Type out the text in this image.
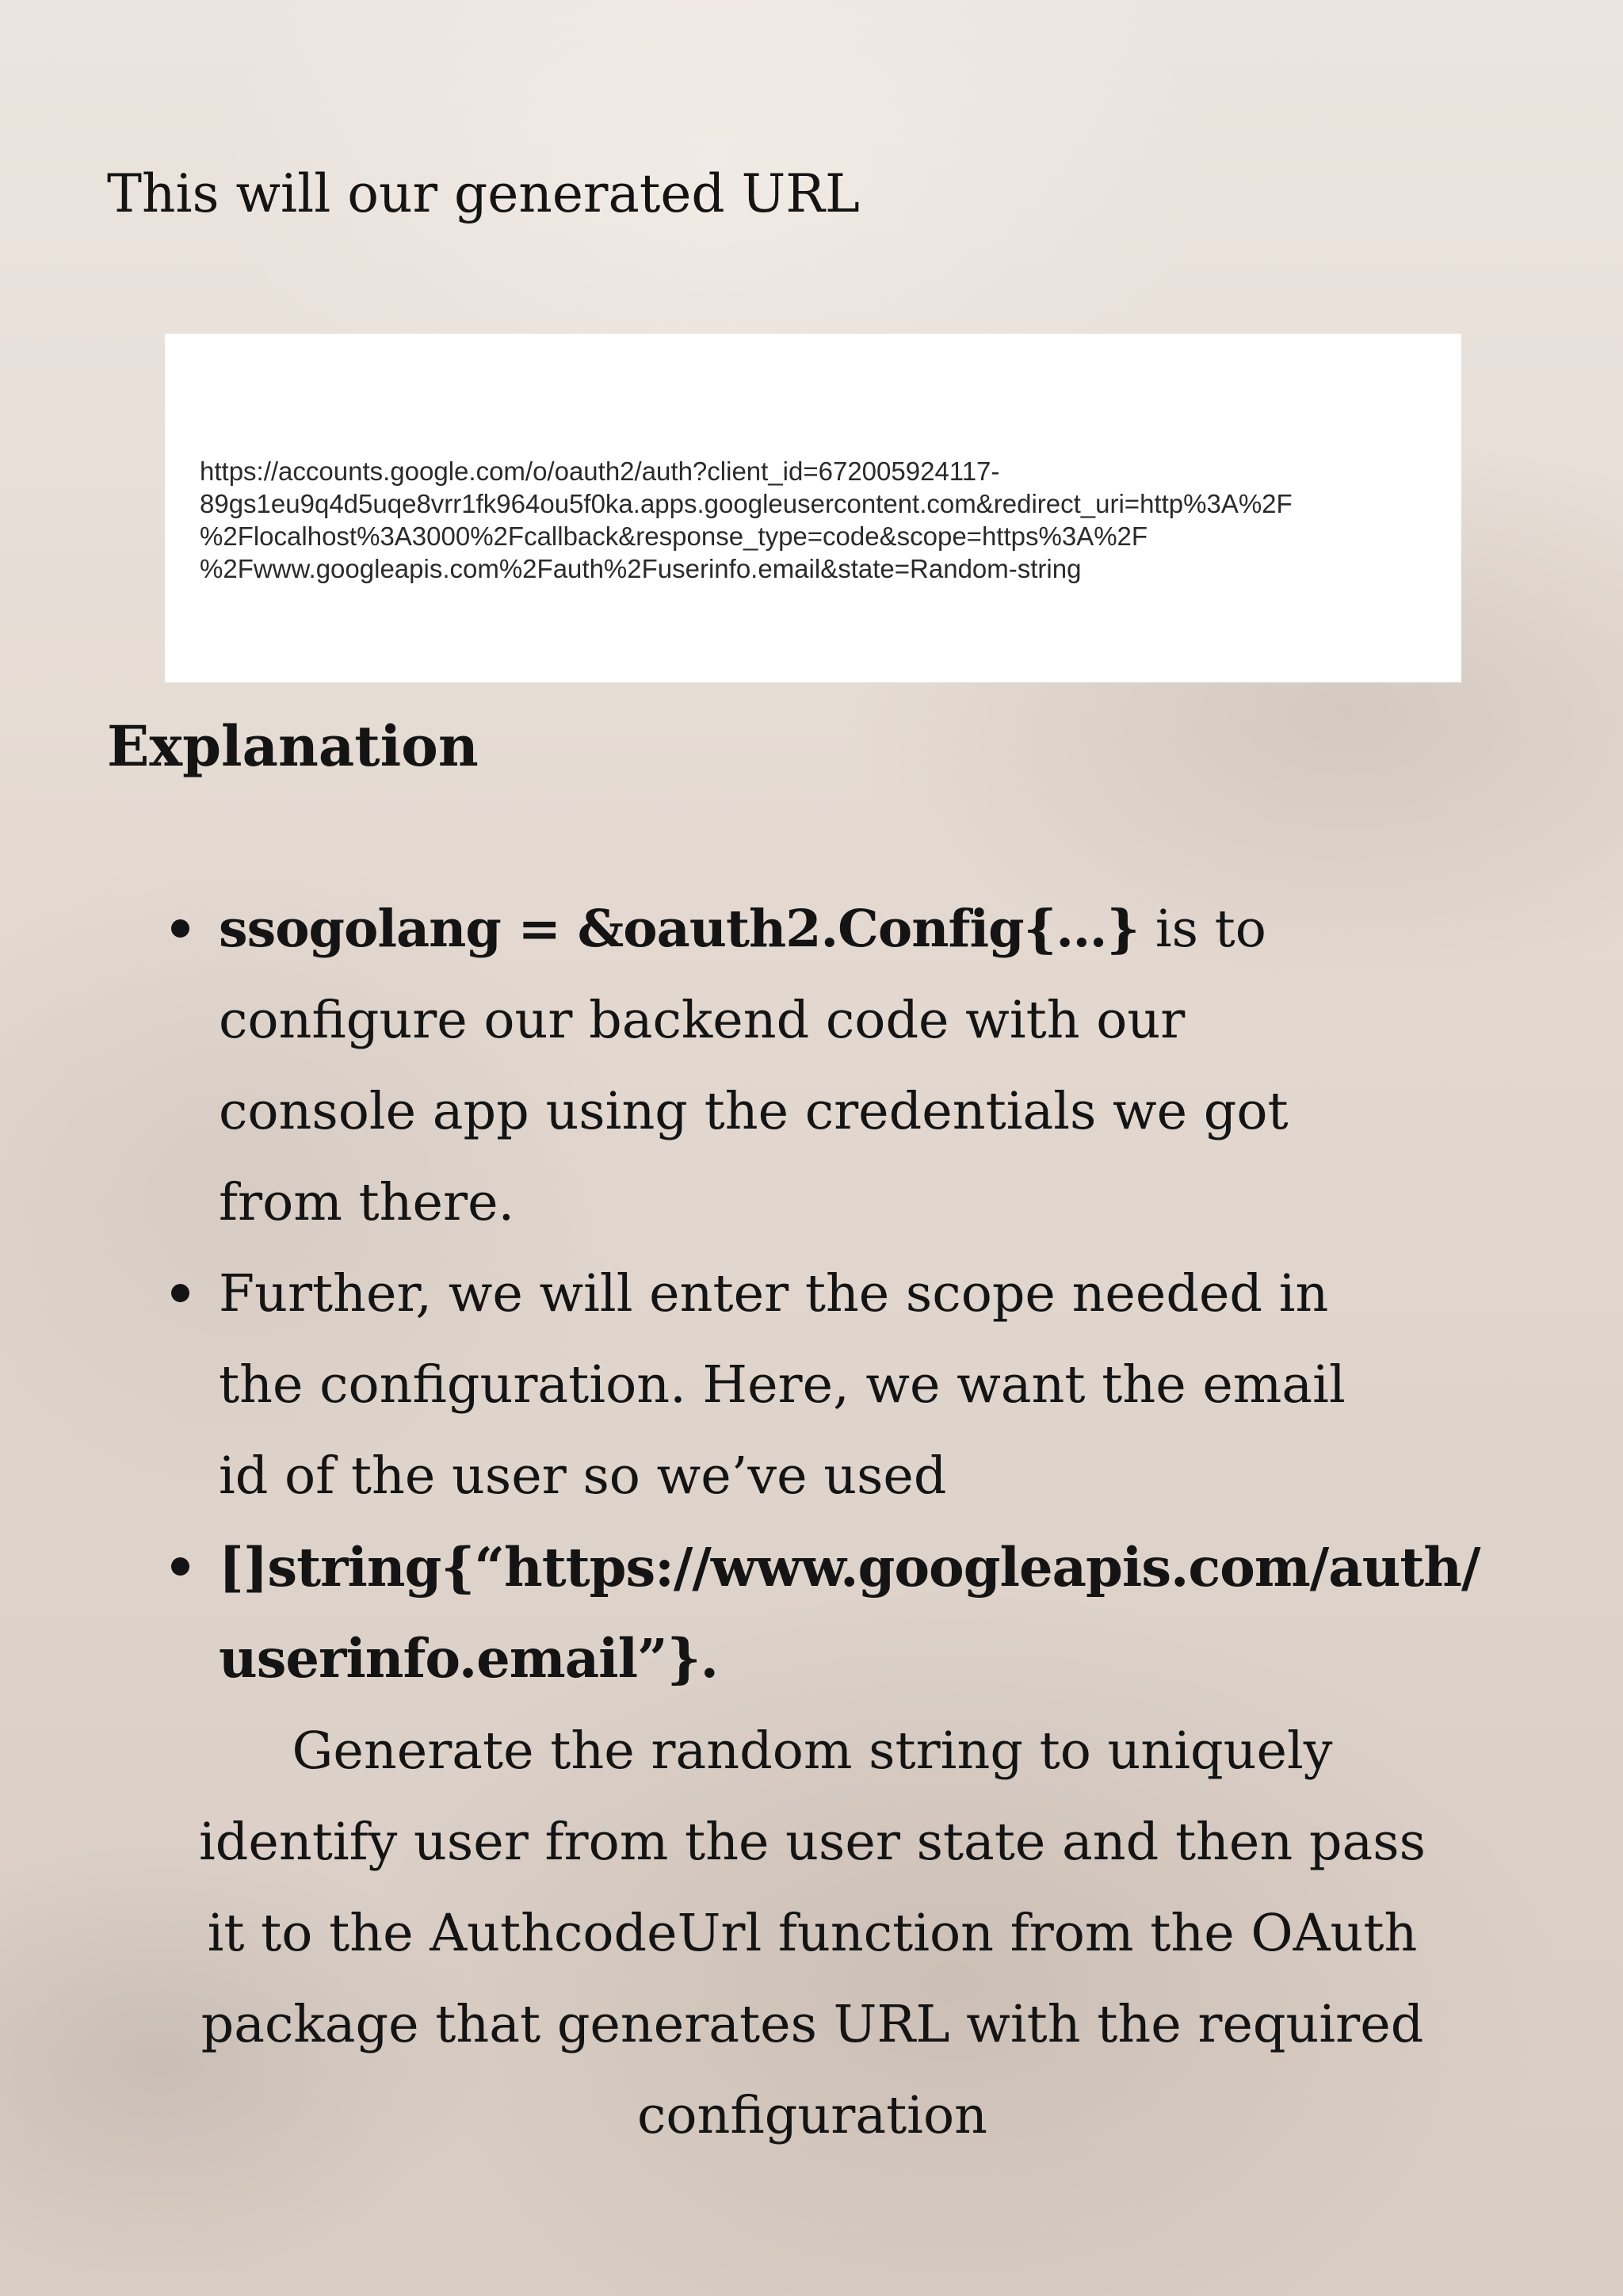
This will our generated URL

https://accounts.google.com/o/oauth2/auth?client_id=672005924117-
89gs1eu9q4d5uqe8vrr1fk964ou5f0ka.apps.googleusercontent.com&redirect_uri=http%3A%2F
%2Flocalhost%3A3000%2Fcallback&response_type=code&scope=https%3A%2F
%2Fwww.googleapis.com%2Fauth%2Fuserinfo.email&state=Random-string

Explanation
ssogolang = &oauth2.Config{…} is to
configure our backend code with our
console app using the credentials we got
from there.
Further, we will enter the scope needed in
the configuration. Here, we want the email
id of the user so we’ve used
[]string{“https://www.googleapis.com/auth/
userinfo.email”}.

Generate the random string to uniquely
identify user from the user state and then pass
it to the AuthcodeUrl function from the OAuth
package that generates URL with the required
configuration
